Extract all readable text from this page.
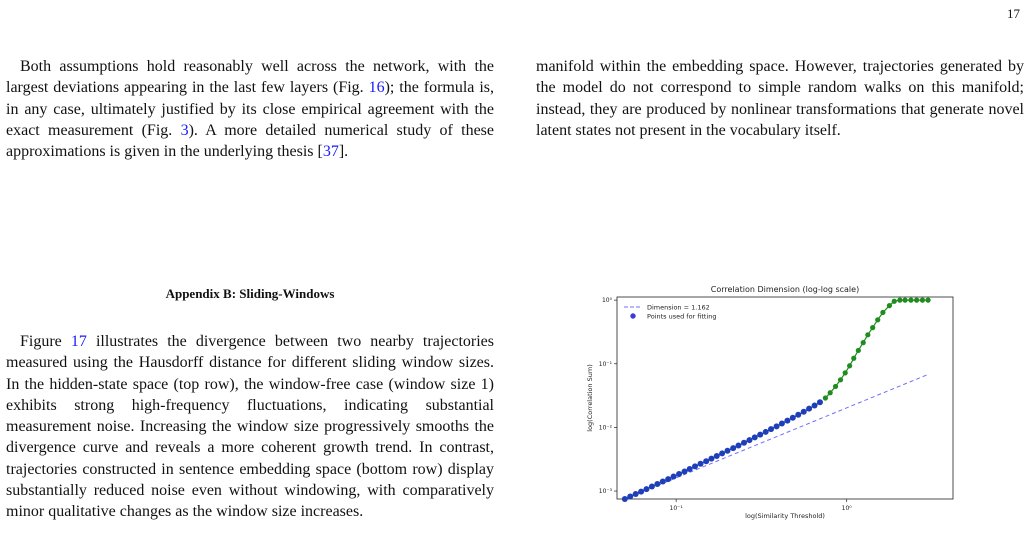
17

Both assumptions hold reasonably well across the network, with the largest deviations appearing in the last few layers (Fig. 16); the formula is, in any case, ultimately justified by its close empirical agreement with the exact measurement (Fig. 3). A more detailed numerical study of these approximations is given in the underlying thesis [37].

Appendix B: Sliding-Windows

Figure 17 illustrates the divergence between two nearby trajectories measured using the Hausdorff distance for different sliding window sizes. In the hidden-state space (top row), the window-free case (window size 1) exhibits strong high-frequency fluctuations, indicating substantial measurement noise. Increasing the window size progressively smooths the divergence curve and reveals a more coherent growth trend. In contrast, trajectories constructed in sentence embedding space (bottom row) display substantially reduced noise even without windowing, with comparatively minor qualitative changes as the window size increases.

manifold within the embedding space. However, trajectories generated by the model do not correspond to simple random walks on this manifold; instead, they are produced by nonlinear transformations that generate novel latent states not present in the vocabulary itself.

Correlation Dimension (log-log scale)
10⁻¹	10⁰
10⁻³
10⁻²
10⁻¹
10⁰
Dimension = 1.162
Points used for fitting
log(Similarity Threshold)
log(Correlation Sum)
